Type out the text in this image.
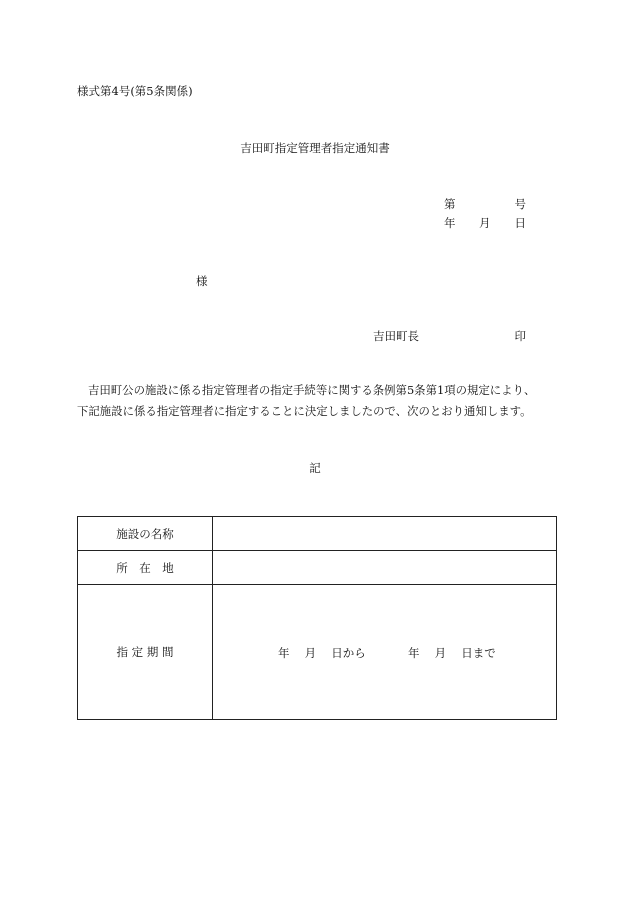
様式第4号(第5条関係)
吉田町指定管理者指定通知書
第	号
年 月 日
様
吉田町長	印

吉田町公の施設に係る指定管理者の指定手続等に関する条例第5条第1項の規定により、

下記施設に係る指定管理者に指定することに決定しましたので、次のとおり通知します。

記
施設の名称	
所　在　地	
指 定 期 間	年　 月　 日から 年　 月　 日まで
